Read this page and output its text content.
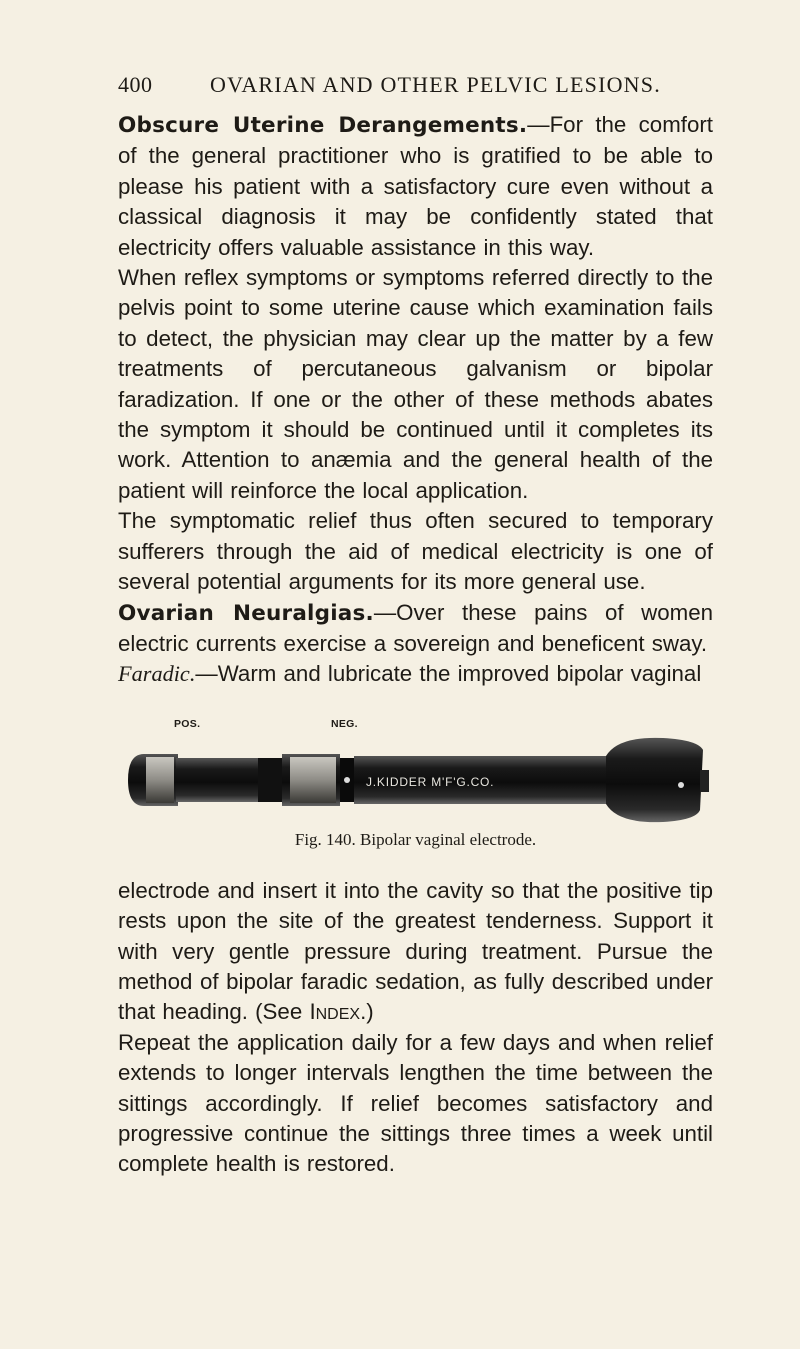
400	OVARIAN AND OTHER PELVIC LESIONS.

Obscure Uterine Derangements.—For the comfort of the general practitioner who is gratified to be able to please his patient with a satisfactory cure even without a classical diagnosis it may be confidently stated that electricity offers valuable assistance in this way.

When reflex symptoms or symptoms referred directly to the pelvis point to some uterine cause which examination fails to detect, the physician may clear up the matter by a few treatments of percutaneous galvanism or bipolar faradization. If one or the other of these methods abates the symptom it should be continued until it completes its work. Attention to anæmia and the general health of the patient will reinforce the local application.

The symptomatic relief thus often secured to temporary sufferers through the aid of medical electricity is one of several potential arguments for its more general use.

Ovarian Neuralgias.—Over these pains of women electric currents exercise a sovereign and beneficent sway.

Faradic.—Warm and lubricate the improved bipolar vaginal

POS.	NEG.
J.KIDDER M'F'G.CO.
Fig. 140. Bipolar vaginal electrode.

electrode and insert it into the cavity so that the positive tip rests upon the site of the greatest tenderness. Support it with very gentle pressure during treatment. Pursue the method of bipolar faradic sedation, as fully described under that heading. (See Index.)

Repeat the application daily for a few days and when relief extends to longer intervals lengthen the time between the sittings accordingly. If relief becomes satisfactory and progressive continue the sittings three times a week until complete health is restored.
